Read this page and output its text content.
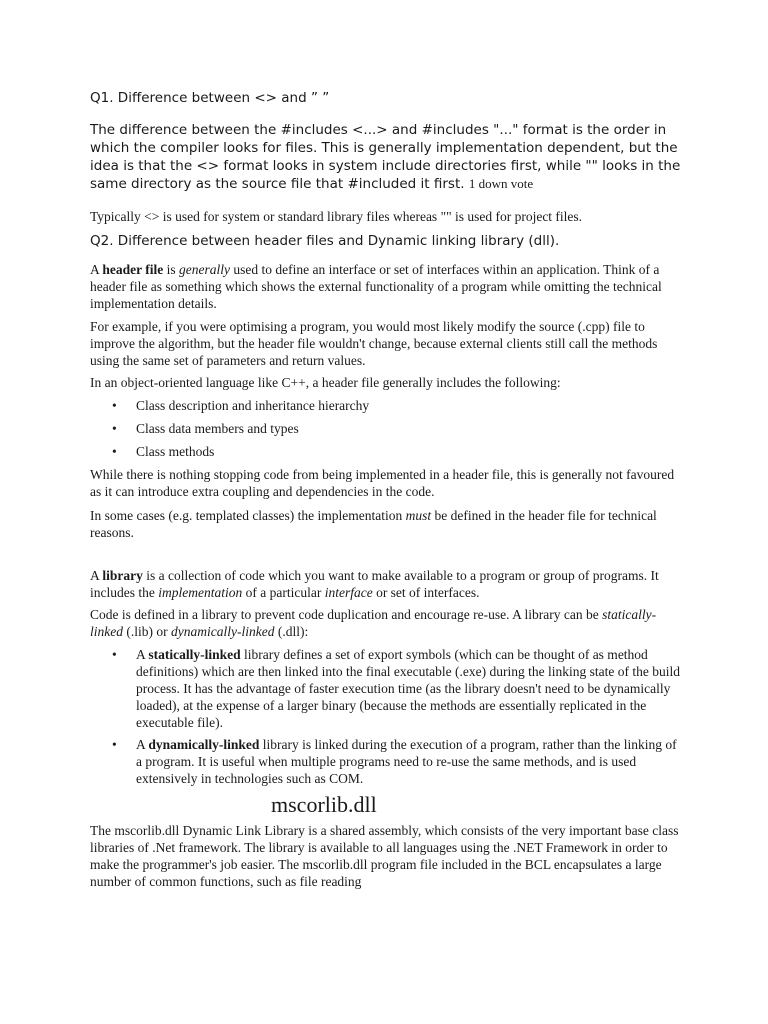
Q1. Difference between <> and ” ”

The difference between the #includes <...> and #includes "..." format is the order in which the compiler looks for files. This is generally implementation dependent, but the idea is that the <> format looks in system include directories first, while "" looks in the same directory as the source file that #included it first. 1 down vote

Typically <> is used for system or standard library files whereas "" is used for project files.

Q2. Difference between header files and Dynamic linking library (dll).

A header file is generally used to define an interface or set of interfaces within an application. Think of a header file as something which shows the external functionality of a program while omitting the technical implementation details.

For example, if you were optimising a program, you would most likely modify the source (.cpp) file to improve the algorithm, but the header file wouldn't change, because external clients still call the methods using the same set of parameters and return values.

In an object-oriented language like C++, a header file generally includes the following:

• Class description and inheritance hierarchy
• Class data members and types
• Class methods

While there is nothing stopping code from being implemented in a header file, this is generally not favoured as it can introduce extra coupling and dependencies in the code.

In some cases (e.g. templated classes) the implementation must be defined in the header file for technical reasons.

A library is a collection of code which you want to make available to a program or group of programs. It includes the implementation of a particular interface or set of interfaces.

Code is defined in a library to prevent code duplication and encourage re-use. A library can be statically-linked (.lib) or dynamically-linked (.dll):

• A statically-linked library defines a set of export symbols (which can be thought of as method definitions) which are then linked into the final executable (.exe) during the linking state of the build process. It has the advantage of faster execution time (as the library doesn't need to be dynamically loaded), at the expense of a larger binary (because the methods are essentially replicated in the executable file).
• A dynamically-linked library is linked during the execution of a program, rather than the linking of a program. It is useful when multiple programs need to re-use the same methods, and is used extensively in technologies such as COM.

mscorlib.dll

The mscorlib.dll Dynamic Link Library is a shared assembly, which consists of the very important base class libraries of .Net framework. The library is available to all languages using the .NET Framework in order to make the programmer's job easier. The mscorlib.dll program file included in the BCL encapsulates a large number of common functions, such as file reading
